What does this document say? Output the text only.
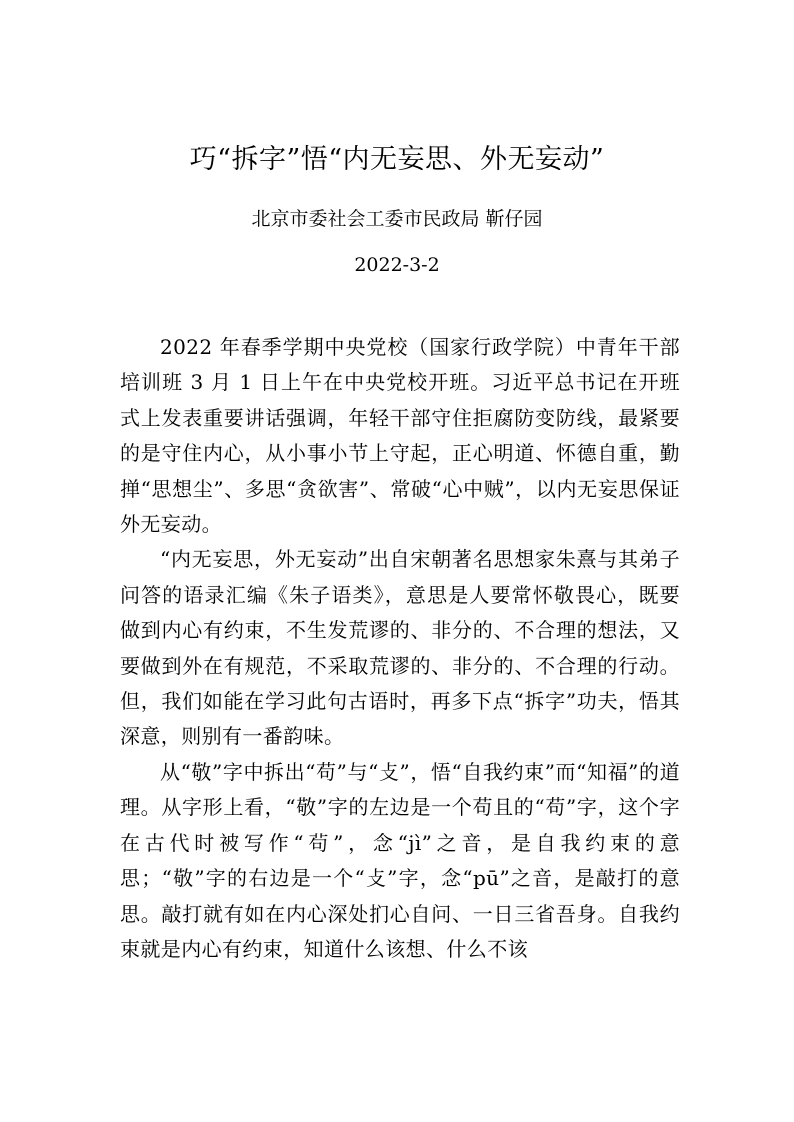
巧“拆字”悟“内无妄思、外无妄动”

北京市委社会工委市民政局 靳仔园

2022-3-2

2022 年春季学期中央党校（国家行政学院）中青年干部培训班 3 月 1 日上午在中央党校开班。习近平总书记在开班式上发表重要讲话强调，年轻干部守住拒腐防变防线，最紧要的是守住内心，从小事小节上守起，正心明道、怀德自重，勤掸“思想尘”、多思“贪欲害”、常破“心中贼”，以内无妄思保证外无妄动。

“内无妄思，外无妄动”出自宋朝著名思想家朱熹与其弟子问答的语录汇编《朱子语类》，意思是人要常怀敬畏心，既要做到内心有约束，不生发荒谬的、非分的、不合理的想法，又要做到外在有规范，不采取荒谬的、非分的、不合理的行动。但，我们如能在学习此句古语时，再多下点“拆字”功夫，悟其深意，则别有一番韵味。

从“敬”字中拆出“苟”与“攴”，悟“自我约束”而“知福”的道理。从字形上看，“敬”字的左边是一个苟且的“苟”字，这个字在古代时被写作“茍”，念“jì”之音，是自我约束的意思；“敬”字的右边是一个“攴”字，念“pū”之音，是敲打的意思。敲打就有如在内心深处扪心自问、一日三省吾身。自我约束就是内心有约束，知道什么该想、什么不该
